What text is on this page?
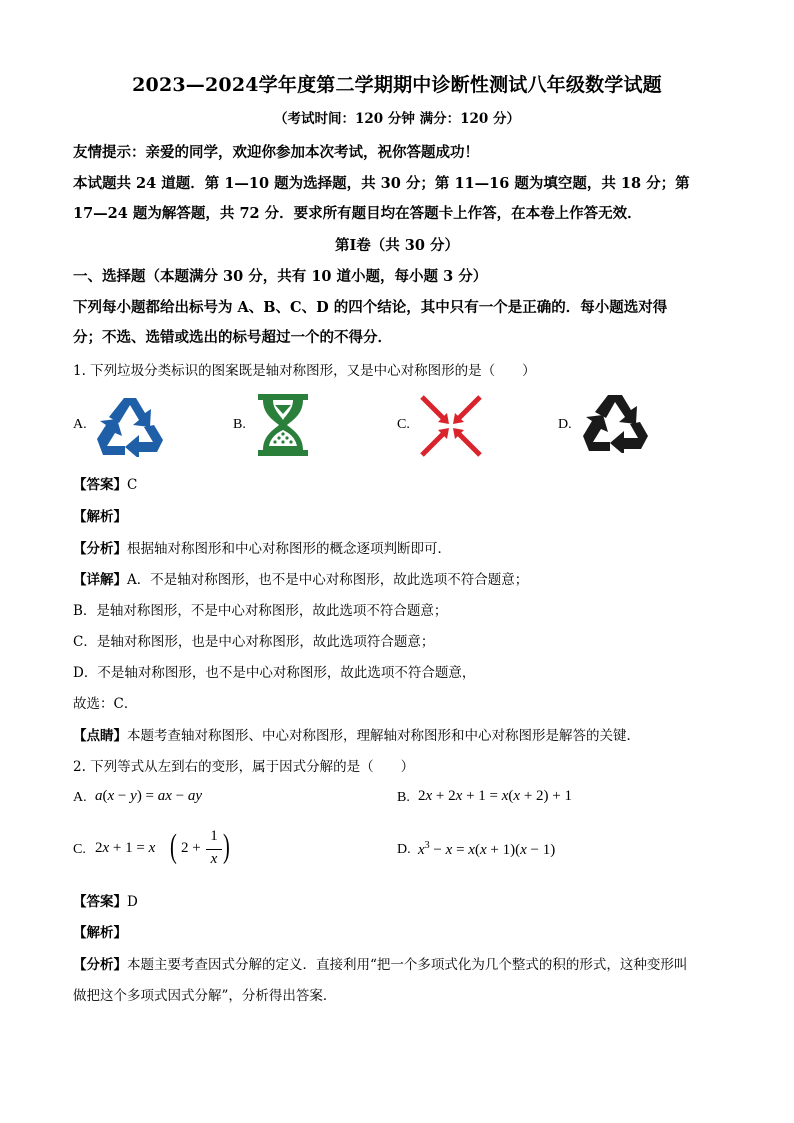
2023—2024学年度第二学期期中诊断性测试八年级数学试题
（考试时间：120 分钟 满分：120 分）
友情提示：亲爱的同学，欢迎你参加本次考试，祝你答题成功！
本试题共 24 道题．第 1—10 题为选择题，共 30 分；第 11—16 题为填空题，共 18 分；第
17—24 题为解答题，共 72 分．要求所有题目均在答题卡上作答，在本卷上作答无效．
第Ⅰ卷（共 30 分）
一、选择题（本题满分 30 分，共有 10 道小题，每小题 3 分）
下列每小题都给出标号为 A、B、C、D 的四个结论，其中只有一个是正确的．每小题选对得
分；不选、选错或选出的标号超过一个的不得分．
1. 下列垃圾分类标识的图案既是轴对称图形，又是中心对称图形的是（　　）
A.	B.	C.	D.
【答案】C
【解析】
【分析】根据轴对称图形和中心对称图形的概念逐项判断即可．
【详解】A．不是轴对称图形，也不是中心对称图形，故此选项不符合题意；
B．是轴对称图形，不是中心对称图形，故此选项不符合题意；
C．是轴对称图形，也是中心对称图形，故此选项符合题意；
D．不是轴对称图形，也不是中心对称图形，故此选项不符合题意，
故选：C．
【点睛】本题考查轴对称图形、中心对称图形，理解轴对称图形和中心对称图形是解答的关键．
2. 下列等式从左到右的变形，属于因式分解的是（　　）
A. a(x − y) = ax − ay	B. 2x + 2x + 1 = x(x + 2) + 1
C. 2x + 1 = x ( 2 +
1
x )	D. $x^3 - x = x(x + 1)(x - 1)$
【答案】D
【解析】
【分析】本题主要考查因式分解的定义．直接利用“把一个多项式化为几个整式的积的形式，这种变形叫
做把这个多项式因式分解”，分析得出答案．
